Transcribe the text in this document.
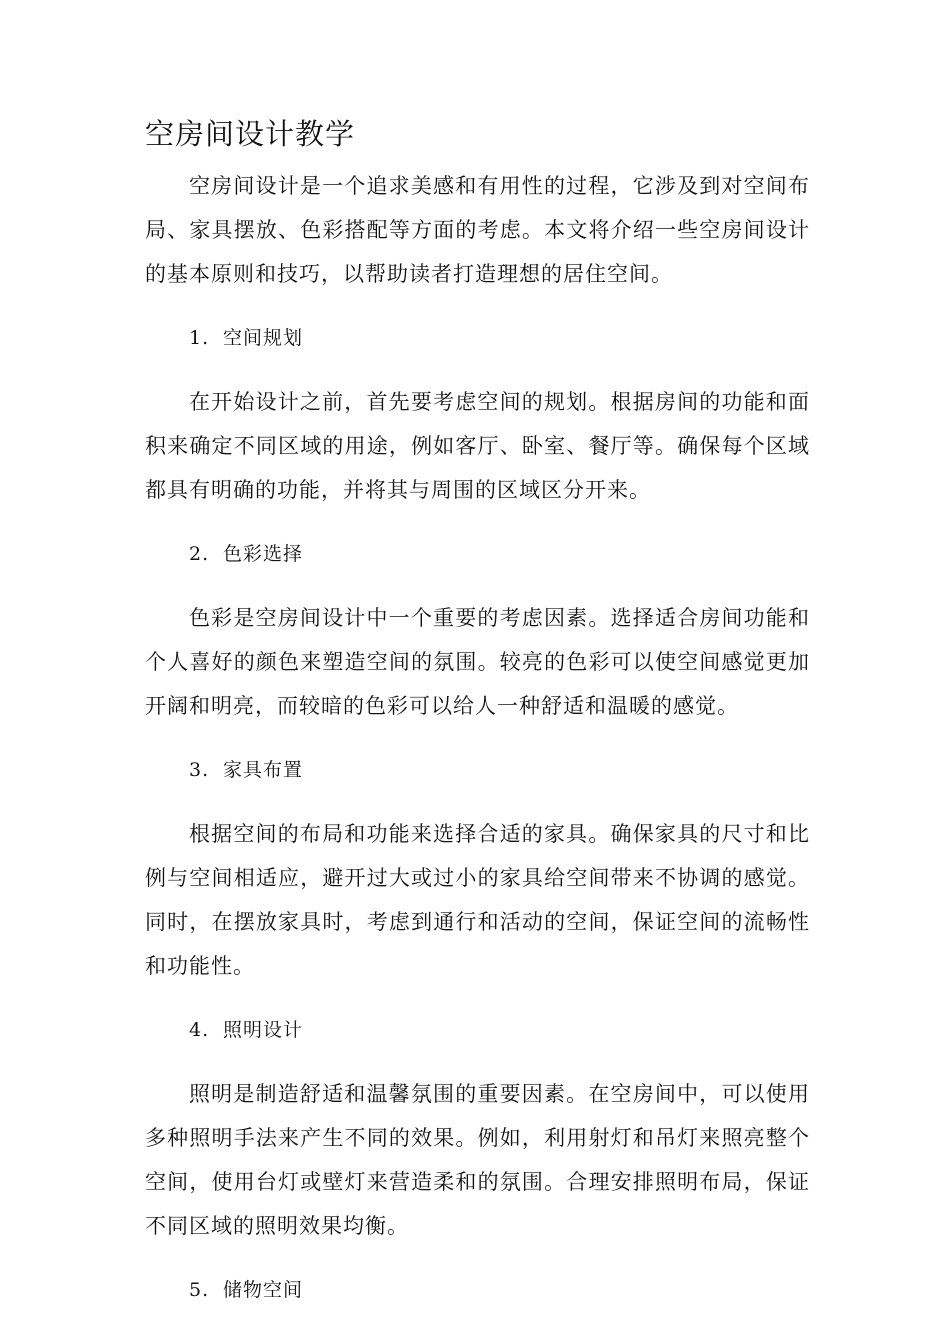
空房间设计教学

空房间设计是一个追求美感和有用性的过程，它涉及到对空间布局、家具摆放、色彩搭配等方面的考虑。本文将介绍一些空房间设计的基本原则和技巧，以帮助读者打造理想的居住空间。

1. 空间规划

在开始设计之前，首先要考虑空间的规划。根据房间的功能和面积来确定不同区域的用途，例如客厅、卧室、餐厅等。确保每个区域都具有明确的功能，并将其与周围的区域区分开来。

2. 色彩选择

色彩是空房间设计中一个重要的考虑因素。选择适合房间功能和个人喜好的颜色来塑造空间的氛围。较亮的色彩可以使空间感觉更加开阔和明亮，而较暗的色彩可以给人一种舒适和温暖的感觉。

3. 家具布置

根据空间的布局和功能来选择合适的家具。确保家具的尺寸和比例与空间相适应，避开过大或过小的家具给空间带来不协调的感觉。同时，在摆放家具时，考虑到通行和活动的空间，保证空间的流畅性和功能性。

4. 照明设计

照明是制造舒适和温馨氛围的重要因素。在空房间中，可以使用多种照明手法来产生不同的效果。例如，利用射灯和吊灯来照亮整个空间，使用台灯或壁灯来营造柔和的氛围。合理安排照明布局，保证不同区域的照明效果均衡。

5. 储物空间
